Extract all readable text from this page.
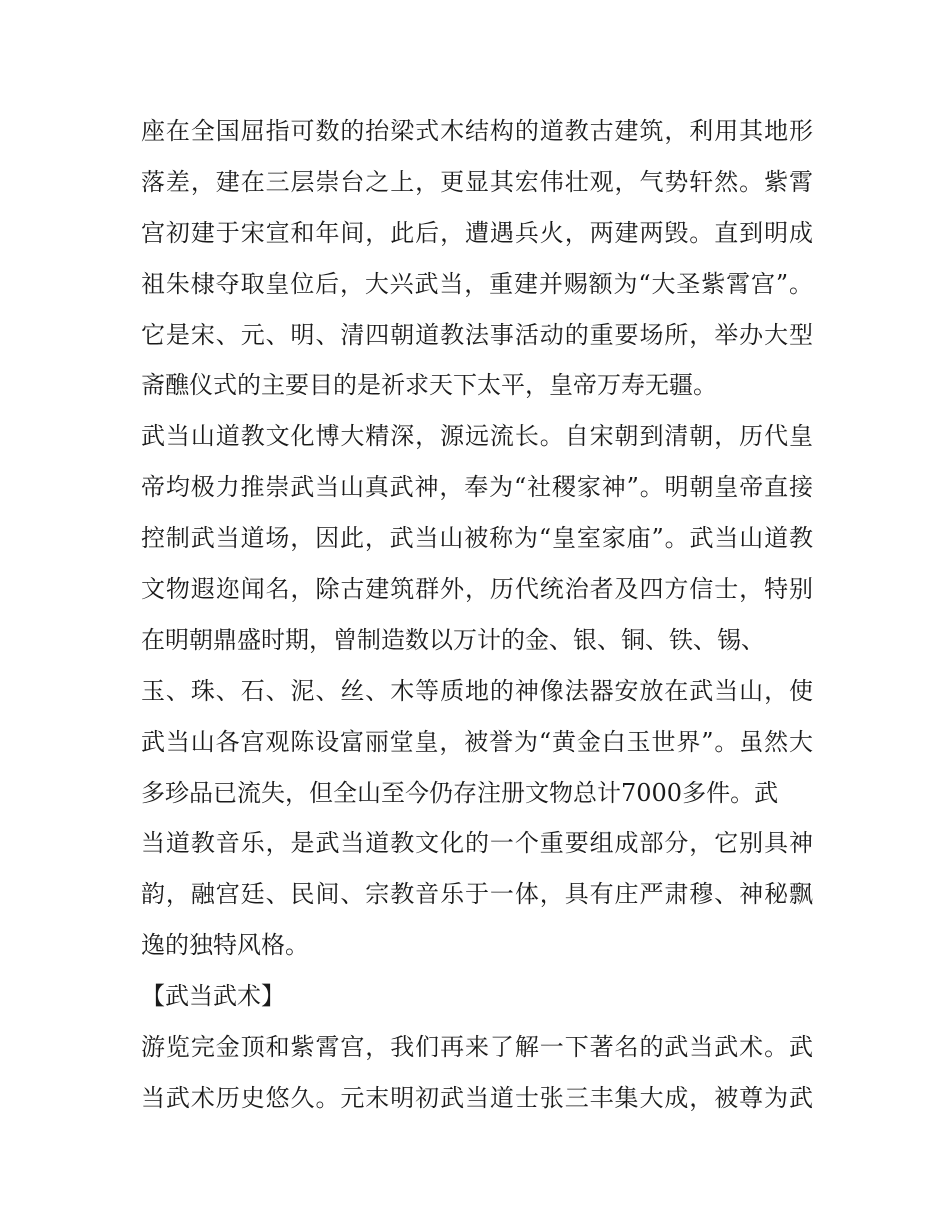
座在全国屈指可数的抬梁式木结构的道教古建筑，利用其地形
落差，建在三层崇台之上，更显其宏伟壮观，气势轩然。紫霄
宫初建于宋宣和年间，此后，遭遇兵火，两建两毁。直到明成
祖朱棣夺取皇位后，大兴武当，重建并赐额为“大圣紫霄宫”。
它是宋、元、明、清四朝道教法事活动的重要场所，举办大型
斋醮仪式的主要目的是祈求天下太平，皇帝万寿无疆。
武当山道教文化博大精深，源远流长。自宋朝到清朝，历代皇
帝均极力推崇武当山真武神，奉为“社稷家神”。明朝皇帝直接
控制武当道场，因此，武当山被称为“皇室家庙”。武当山道教
文物遐迩闻名，除古建筑群外，历代统治者及四方信士，特别
在明朝鼎盛时期，曾制造数以万计的金、银、铜、铁、锡、
玉、珠、石、泥、丝、木等质地的神像法器安放在武当山，使
武当山各宫观陈设富丽堂皇，被誉为“黄金白玉世界”。虽然大
多珍品已流失，但全山至今仍存注册文物总计7000多件。武
当道教音乐，是武当道教文化的一个重要组成部分，它别具神
韵，融宫廷、民间、宗教音乐于一体，具有庄严肃穆、神秘飘
逸的独特风格。
【武当武术】
游览完金顶和紫霄宫，我们再来了解一下著名的武当武术。武
当武术历史悠久。元末明初武当道士张三丰集大成，被尊为武
